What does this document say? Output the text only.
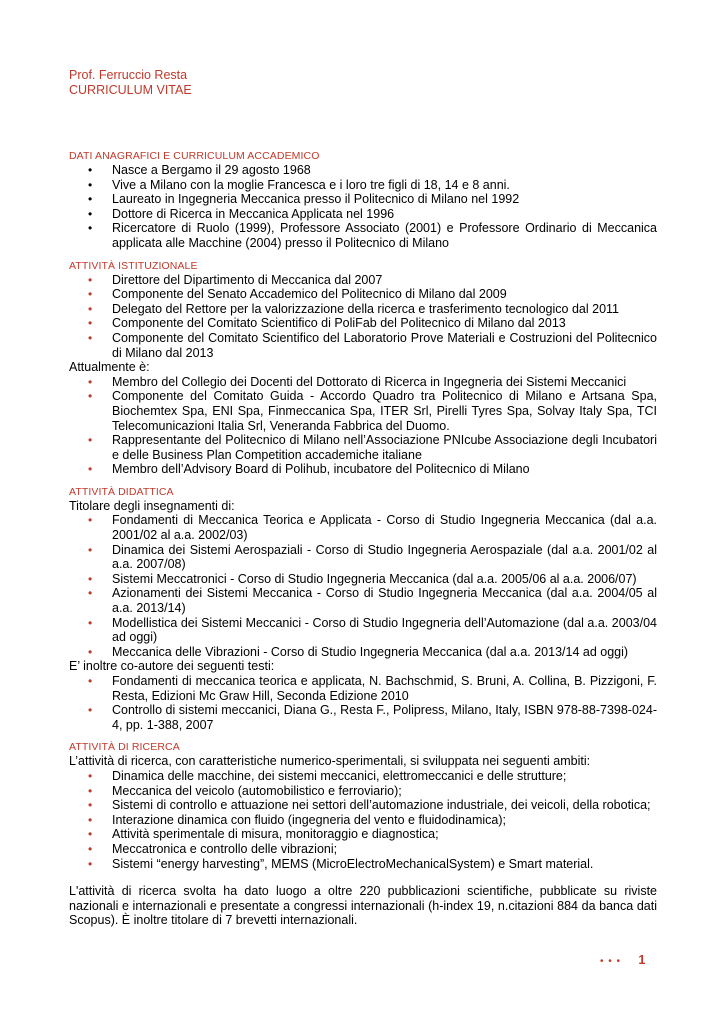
Prof. Ferruccio Resta
CURRICULUM VITAE
DATI ANAGRAFICI E CURRICULUM ACCADEMICO
• Nasce a Bergamo il 29 agosto 1968
• Vive a Milano con la moglie Francesca e i loro tre figli di 18, 14 e 8 anni.
• Laureato in Ingegneria Meccanica presso il Politecnico di Milano nel 1992
• Dottore di Ricerca in Meccanica Applicata nel 1996
• Ricercatore di Ruolo (1999), Professore Associato (2001) e Professore Ordinario di Meccanica applicata alle Macchine (2004) presso il Politecnico di Milano
ATTIVITÀ ISTITUZIONALE
• Direttore del Dipartimento di Meccanica dal 2007
• Componente del Senato Accademico del Politecnico di Milano dal 2009
• Delegato del Rettore per la valorizzazione della ricerca e trasferimento tecnologico dal 2011
• Componente del Comitato Scientifico di PoliFab del Politecnico di Milano dal 2013
• Componente del Comitato Scientifico del Laboratorio Prove Materiali e Costruzioni del Politecnico di Milano dal 2013
Attualmente è:
• Membro del Collegio dei Docenti del Dottorato di Ricerca in Ingegneria dei Sistemi Meccanici
• Componente del Comitato Guida - Accordo Quadro tra Politecnico di Milano e Artsana Spa, Biochemtex Spa, ENI Spa, Finmeccanica Spa, ITER Srl, Pirelli Tyres Spa, Solvay Italy Spa, TCI Telecomunicazioni Italia Srl, Veneranda Fabbrica del Duomo.
• Rappresentante del Politecnico di Milano nell’Associazione PNIcube Associazione degli Incubatori e delle Business Plan Competition accademiche italiane
• Membro dell’Advisory Board di Polihub, incubatore del Politecnico di Milano
ATTIVITÀ DIDATTICA
Titolare degli insegnamenti di:
• Fondamenti di Meccanica Teorica e Applicata - Corso di Studio Ingegneria Meccanica (dal a.a. 2001/02 al a.a. 2002/03)
• Dinamica dei Sistemi Aerospaziali - Corso di Studio Ingegneria Aerospaziale (dal a.a. 2001/02 al a.a. 2007/08)
• Sistemi Meccatronici - Corso di Studio Ingegneria Meccanica (dal a.a. 2005/06 al a.a. 2006/07)
• Azionamenti dei Sistemi Meccanica - Corso di Studio Ingegneria Meccanica (dal a.a. 2004/05 al a.a. 2013/14)
• Modellistica dei Sistemi Meccanici - Corso di Studio Ingegneria dell’Automazione (dal a.a. 2003/04 ad oggi)
• Meccanica delle Vibrazioni - Corso di Studio Ingegneria Meccanica (dal a.a. 2013/14 ad oggi)
E’ inoltre co-autore dei seguenti testi:
• Fondamenti di meccanica teorica e applicata, N. Bachschmid, S. Bruni, A. Collina, B. Pizzigoni, F. Resta, Edizioni Mc Graw Hill, Seconda Edizione 2010
• Controllo di sistemi meccanici, Diana G., Resta F., Polipress, Milano, Italy, ISBN 978-88-7398-024-4, pp. 1-388, 2007
ATTIVITÀ DI RICERCA
L’attività di ricerca, con caratteristiche numerico-sperimentali, si sviluppata nei seguenti ambiti:
• Dinamica delle macchine, dei sistemi meccanici, elettromeccanici e delle strutture;
• Meccanica del veicolo (automobilistico e ferroviario);
• Sistemi di controllo e attuazione nei settori dell’automazione industriale, dei veicoli, della robotica;
• Interazione dinamica con fluido (ingegneria del vento e fluidodinamica);
• Attività sperimentale di misura, monitoraggio e diagnostica;
• Meccatronica e controllo delle vibrazioni;
• Sistemi “energy harvesting”, MEMS (MicroElectroMechanicalSystem) e Smart material.
L'attività di ricerca svolta ha dato luogo a oltre 220 pubblicazioni scientifiche, pubblicate su riviste nazionali e internazionali e presentate a congressi internazionali (h-index 19, n.citazioni 884 da banca dati Scopus). È inoltre titolare di 7 brevetti internazionali.
• • • 1
